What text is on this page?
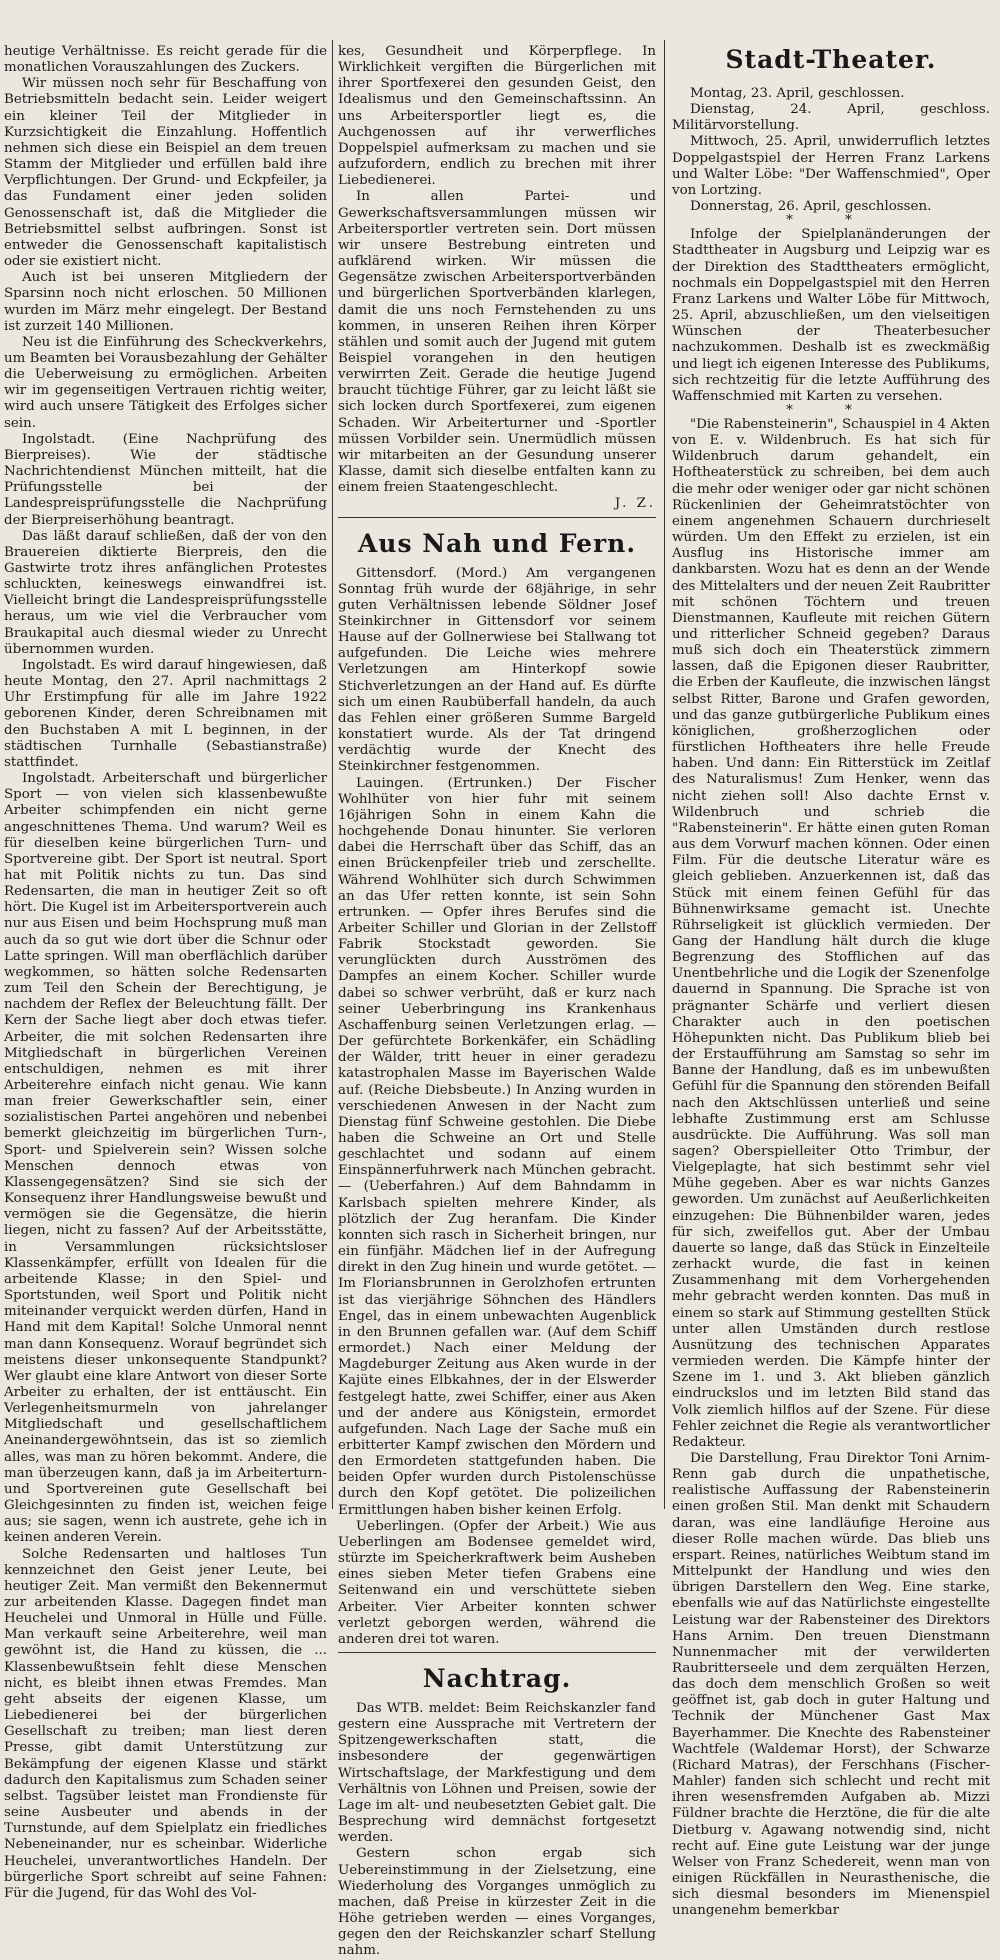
heutige Verhältnisse. Es reicht gerade für die monatlichen Vorauszahlungen des Zuckers.

Wir müssen noch sehr für Beschaffung von Betriebsmitteln bedacht sein. Leider weigert ein kleiner Teil der Mitglieder in Kurzsichtigkeit die Einzahlung. Hoffentlich nehmen sich diese ein Beispiel an dem treuen Stamm der Mitglieder und erfüllen bald ihre Verpflichtungen. Der Grund- und Eckpfeiler, ja das Fundament einer jeden soliden Genossenschaft ist, daß die Mitglieder die Betriebsmittel selbst aufbringen. Sonst ist entweder die Genossenschaft kapitalistisch oder sie existiert nicht.

Auch ist bei unseren Mitgliedern der Sparsinn noch nicht erloschen. 50 Millionen wurden im März mehr eingelegt. Der Bestand ist zurzeit 140 Millionen.

Neu ist die Einführung des Scheckverkehrs, um Beamten bei Vorausbezahlung der Gehälter die Ueberweisung zu ermöglichen. Arbeiten wir im gegenseitigen Vertrauen richtig weiter, wird auch unsere Tätigkeit des Erfolges sicher sein.

Ingolstadt. (Eine Nachprüfung des Bierpreises). Wie der städtische Nachrichtendienst München mitteilt, hat die Prüfungsstelle bei der Landespreisprüfungsstelle die Nachprüfung der Bierpreiserhöhung beantragt.

Das läßt darauf schließen, daß der von den Brauereien diktierte Bierpreis, den die Gastwirte trotz ihres anfänglichen Protestes schluckten, keineswegs einwandfrei ist. Vielleicht bringt die Landespreisprüfungsstelle heraus, um wie viel die Verbraucher vom Braukapital auch diesmal wieder zu Unrecht übernommen wurden.

Ingolstadt. Es wird darauf hingewiesen, daß heute Montag, den 27. April nachmittags 2 Uhr Erstimpfung für alle im Jahre 1922 geborenen Kinder, deren Schreibnamen mit den Buchstaben A mit L beginnen, in der städtischen Turnhalle (Sebastianstraße) stattfindet.

Ingolstadt. Arbeiterschaft und bürgerlicher Sport — von vielen sich klassenbewußte Arbeiter schimpfenden ein nicht gerne angeschnittenes Thema. Und warum? Weil es für dieselben keine bürgerlichen Turn- und Sportvereine gibt. Der Sport ist neutral. Sport hat mit Politik nichts zu tun. Das sind Redensarten, die man in heutiger Zeit so oft hört. Die Kugel ist im Arbeitersportverein auch nur aus Eisen und beim Hochsprung muß man auch da so gut wie dort über die Schnur oder Latte springen. Will man oberflächlich darüber wegkommen, so hätten solche Redensarten zum Teil den Schein der Berechtigung, je nachdem der Reflex der Beleuchtung fällt. Der Kern der Sache liegt aber doch etwas tiefer. Arbeiter, die mit solchen Redensarten ihre Mitgliedschaft in bürgerlichen Vereinen entschuldigen, nehmen es mit ihrer Arbeiterehre einfach nicht genau. Wie kann man freier Gewerkschaftler sein, einer sozialistischen Partei angehören und nebenbei bemerkt gleichzeitig im bürgerlichen Turn-, Sport- und Spielverein sein? Wissen solche Menschen dennoch etwas von Klassengegensätzen? Sind sie sich der Konsequenz ihrer Handlungsweise bewußt und vermögen sie die Gegensätze, die hierin liegen, nicht zu fassen? Auf der Arbeitsstätte, in Versammlungen rücksichtsloser Klassenkämpfer, erfüllt von Idealen für die arbeitende Klasse; in den Spiel- und Sportstunden, weil Sport und Politik nicht miteinander verquickt werden dürfen, Hand in Hand mit dem Kapital! Solche Unmoral nennt man dann Konsequenz. Worauf begründet sich meistens dieser unkonsequente Standpunkt? Wer glaubt eine klare Antwort von dieser Sorte Arbeiter zu erhalten, der ist enttäuscht. Ein Verlegenheitsmurmeln von jahrelanger Mitgliedschaft und gesellschaftlichem Aneinandergewöhntsein, das ist so ziemlich alles, was man zu hören bekommt. Andere, die man überzeugen kann, daß ja im Arbeiterturn- und Sportvereinen gute Gesellschaft bei Gleichgesinnten zu finden ist, weichen feige aus; sie sagen, wenn ich austrete, gehe ich in keinen anderen Verein.

Solche Redensarten und haltloses Tun kennzeichnet den Geist jener Leute, bei heutiger Zeit. Man vermißt den Bekennermut zur arbeitenden Klasse. Dagegen findet man Heuchelei und Unmoral in Hülle und Fülle. Man verkauft seine Arbeiterehre, weil man gewöhnt ist, die Hand zu küssen, die ... Klassenbewußtsein fehlt diese Menschen nicht, es bleibt ihnen etwas Fremdes. Man geht abseits der eigenen Klasse, um Liebedienerei bei der bürgerlichen Gesellschaft zu treiben; man liest deren Presse, gibt damit Unterstützung zur Bekämpfung der eigenen Klasse und stärkt dadurch den Kapitalismus zum Schaden seiner selbst. Tagsüber leistet man Frondienste für seine Ausbeuter und abends in der Turnstunde, auf dem Spielplatz ein friedliches Nebeneinander, nur es scheinbar. Widerliche Heuchelei, unverantwortliches Handeln. Der bürgerliche Sport schreibt auf seine Fahnen: Für die Jugend, für das Wohl des Vol-

kes, Gesundheit und Körperpflege. In Wirklichkeit vergiften die Bürgerlichen mit ihrer Sportfexerei den gesunden Geist, den Idealismus und den Gemeinschaftssinn. An uns Arbeitersportler liegt es, die Auchgenossen auf ihr verwerfliches Doppelspiel aufmerksam zu machen und sie aufzufordern, endlich zu brechen mit ihrer Liebedienerei.

In allen Partei- und Gewerkschaftsversammlungen müssen wir Arbeitersportler vertreten sein. Dort müssen wir unsere Bestrebung eintreten und aufklärend wirken. Wir müssen die Gegensätze zwischen Arbeitersportverbänden und bürgerlichen Sportverbänden klarlegen, damit die uns noch Fernstehenden zu uns kommen, in unseren Reihen ihren Körper stählen und somit auch der Jugend mit gutem Beispiel vorangehen in den heutigen verwirrten Zeit. Gerade die heutige Jugend braucht tüchtige Führer, gar zu leicht läßt sie sich locken durch Sportfexerei, zum eigenen Schaden. Wir Arbeiterturner und -Sportler müssen Vorbilder sein. Unermüdlich müssen wir mitarbeiten an der Gesundung unserer Klasse, damit sich dieselbe entfalten kann zu einem freien Staatengeschlecht.

J. Z.
Aus Nah und Fern.

Gittensdorf. (Mord.) Am vergangenen Sonntag früh wurde der 68jährige, in sehr guten Verhältnissen lebende Söldner Josef Steinkirchner in Gittensdorf vor seinem Hause auf der Gollnerwiese bei Stallwang tot aufgefunden. Die Leiche wies mehrere Verletzungen am Hinterkopf sowie Stichverletzungen an der Hand auf. Es dürfte sich um einen Raubüberfall handeln, da auch das Fehlen einer größeren Summe Bargeld konstatiert wurde. Als der Tat dringend verdächtig wurde der Knecht des Steinkirchner festgenommen.

Lauingen. (Ertrunken.) Der Fischer Wohlhüter von hier fuhr mit seinem 16jährigen Sohn in einem Kahn die hochgehende Donau hinunter. Sie verloren dabei die Herrschaft über das Schiff, das an einen Brückenpfeiler trieb und zerschellte. Während Wohlhüter sich durch Schwimmen an das Ufer retten konnte, ist sein Sohn ertrunken. — Opfer ihres Berufes sind die Arbeiter Schiller und Glorian in der Zellstoff Fabrik Stockstadt geworden. Sie verunglückten durch Ausströmen des Dampfes an einem Kocher. Schiller wurde dabei so schwer verbrüht, daß er kurz nach seiner Ueberbringung ins Krankenhaus Aschaffenburg seinen Verletzungen erlag. — Der gefürchtete Borkenkäfer, ein Schädling der Wälder, tritt heuer in einer geradezu katastrophalen Masse im Bayerischen Walde auf. (Reiche Diebsbeute.) In Anzing wurden in verschiedenen Anwesen in der Nacht zum Dienstag fünf Schweine gestohlen. Die Diebe haben die Schweine an Ort und Stelle geschlachtet und sodann auf einem Einspännerfuhrwerk nach München gebracht. — (Ueberfahren.) Auf dem Bahndamm in Karlsbach spielten mehrere Kinder, als plötzlich der Zug heranfam. Die Kinder konnten sich rasch in Sicherheit bringen, nur ein fünfjähr. Mädchen lief in der Aufregung direkt in den Zug hinein und wurde getötet. — Im Floriansbrunnen in Gerolzhofen ertrunten ist das vierjährige Söhnchen des Händlers Engel, das in einem unbewachten Augenblick in den Brunnen gefallen war. (Auf dem Schiff ermordet.) Nach einer Meldung der Magdeburger Zeitung aus Aken wurde in der Kajüte eines Elbkahnes, der in der Elswerder festgelegt hatte, zwei Schiffer, einer aus Aken und der andere aus Königstein, ermordet aufgefunden. Nach Lage der Sache muß ein erbitterter Kampf zwischen den Mördern und den Ermordeten stattgefunden haben. Die beiden Opfer wurden durch Pistolenschüsse durch den Kopf getötet. Die polizeilichen Ermittlungen haben bisher keinen Erfolg.

Ueberlingen. (Opfer der Arbeit.) Wie aus Ueberlingen am Bodensee gemeldet wird, stürzte im Speicherkraftwerk beim Ausheben eines sieben Meter tiefen Grabens eine Seitenwand ein und verschüttete sieben Arbeiter. Vier Arbeiter konnten schwer verletzt geborgen werden, während die anderen drei tot waren.

Nachtrag.

Das WTB. meldet: Beim Reichskanzler fand gestern eine Aussprache mit Vertretern der Spitzengewerkschaften statt, die insbesondere der gegenwärtigen Wirtschaftslage, der Markfestigung und dem Verhältnis von Löhnen und Preisen, sowie der Lage im alt- und neubesetzten Gebiet galt. Die Besprechung wird demnächst fortgesetzt werden.

Gestern schon ergab sich Uebereinstimmung in der Zielsetzung, eine Wiederholung des Vorganges unmöglich zu machen, daß Preise in kürzester Zeit in die Höhe getrieben werden — eines Vorganges, gegen den der Reichskanzler scharf Stellung nahm.

Stadt-Theater.

Montag, 23. April, geschlossen.

Dienstag, 24. April, geschloss. Militärvorstellung.

Mittwoch, 25. April, unwiderruflich letztes Doppelgastspiel der Herren Franz Larkens und Walter Löbe: "Der Waffenschmied", Oper von Lortzing.

Donnerstag, 26. April, geschlossen.

* *

Infolge der Spielplanänderungen der Stadttheater in Augsburg und Leipzig war es der Direktion des Stadttheaters ermöglicht, nochmals ein Doppelgastspiel mit den Herren Franz Larkens und Walter Löbe für Mittwoch, 25. April, abzuschließen, um den vielseitigen Wünschen der Theaterbesucher nachzukommen. Deshalb ist es zweckmäßig und liegt ich eigenen Interesse des Publikums, sich rechtzeitig für die letzte Aufführung des Waffenschmied mit Karten zu versehen.

* *

"Die Rabensteinerin", Schauspiel in 4 Akten von E. v. Wildenbruch. Es hat sich für Wildenbruch darum gehandelt, ein Hoftheaterstück zu schreiben, bei dem auch die mehr oder weniger oder gar nicht schönen Rückenlinien der Geheimratstöchter von einem angenehmen Schauern durchrieselt würden. Um den Effekt zu erzielen, ist ein Ausflug ins Historische immer am dankbarsten. Wozu hat es denn an der Wende des Mittelalters und der neuen Zeit Raubritter mit schönen Töchtern und treuen Dienstmannen, Kaufleute mit reichen Gütern und ritterlicher Schneid gegeben? Daraus muß sich doch ein Theaterstück zimmern lassen, daß die Epigonen dieser Raubritter, die Erben der Kaufleute, die inzwischen längst selbst Ritter, Barone und Grafen geworden, und das ganze gutbürgerliche Publikum eines königlichen, großherzoglichen oder fürstlichen Hoftheaters ihre helle Freude haben. Und dann: Ein Ritterstück im Zeitlaf des Naturalismus! Zum Henker, wenn das nicht ziehen soll! Also dachte Ernst v. Wildenbruch und schrieb die "Rabensteinerin". Er hätte einen guten Roman aus dem Vorwurf machen können. Oder einen Film. Für die deutsche Literatur wäre es gleich geblieben. Anzuerkennen ist, daß das Stück mit einem feinen Gefühl für das Bühnenwirksame gemacht ist. Unechte Rührseligkeit ist glücklich vermieden. Der Gang der Handlung hält durch die kluge Begrenzung des Stofflichen auf das Unentbehrliche und die Logik der Szenenfolge dauernd in Spannung. Die Sprache ist von prägnanter Schärfe und verliert diesen Charakter auch in den poetischen Höhepunkten nicht. Das Publikum blieb bei der Erstaufführung am Samstag so sehr im Banne der Handlung, daß es im unbewußten Gefühl für die Spannung den störenden Beifall nach den Aktschlüssen unterließ und seine lebhafte Zustimmung erst am Schlusse ausdrückte. Die Aufführung. Was soll man sagen? Oberspielleiter Otto Trimbur, der Vielgeplagte, hat sich bestimmt sehr viel Mühe gegeben. Aber es war nichts Ganzes geworden. Um zunächst auf Aeußerlichkeiten einzugehen: Die Bühnenbilder waren, jedes für sich, zweifellos gut. Aber der Umbau dauerte so lange, daß das Stück in Einzelteile zerhackt wurde, die fast in keinen Zusammenhang mit dem Vorhergehenden mehr gebracht werden konnten. Das muß in einem so stark auf Stimmung gestellten Stück unter allen Umständen durch restlose Ausnützung des technischen Apparates vermieden werden. Die Kämpfe hinter der Szene im 1. und 3. Akt blieben gänzlich eindruckslos und im letzten Bild stand das Volk ziemlich hilflos auf der Szene. Für diese Fehler zeichnet die Regie als verantwortlicher Redakteur.

Die Darstellung, Frau Direktor Toni Arnim-Renn gab durch die unpathetische, realistische Auffassung der Rabensteinerin einen großen Stil. Man denkt mit Schaudern daran, was eine landläufige Heroine aus dieser Rolle machen würde. Das blieb uns erspart. Reines, natürliches Weibtum stand im Mittelpunkt der Handlung und wies den übrigen Darstellern den Weg. Eine starke, ebenfalls wie auf das Natürlichste eingestellte Leistung war der Rabensteiner des Direktors Hans Arnim. Den treuen Dienstmann Nunnenmacher mit der verwilderten Raubritterseele und dem zerquälten Herzen, das doch dem menschlich Großen so weit geöffnet ist, gab doch in guter Haltung und Technik der Münchener Gast Max Bayerhammer. Die Knechte des Rabensteiner Wachtfele (Waldemar Horst), der Schwarze (Richard Matras), der Ferschhans (Fischer-Mahler) fanden sich schlecht und recht mit ihren wesensfremden Aufgaben ab. Mizzi Füldner brachte die Herztöne, die für die alte Dietburg v. Agawang notwendig sind, nicht recht auf. Eine gute Leistung war der junge Welser von Franz Schedereit, wenn man von einigen Rückfällen in Neurasthenische, die sich diesmal besonders im Mienenspiel unangenehm bemerkbar
